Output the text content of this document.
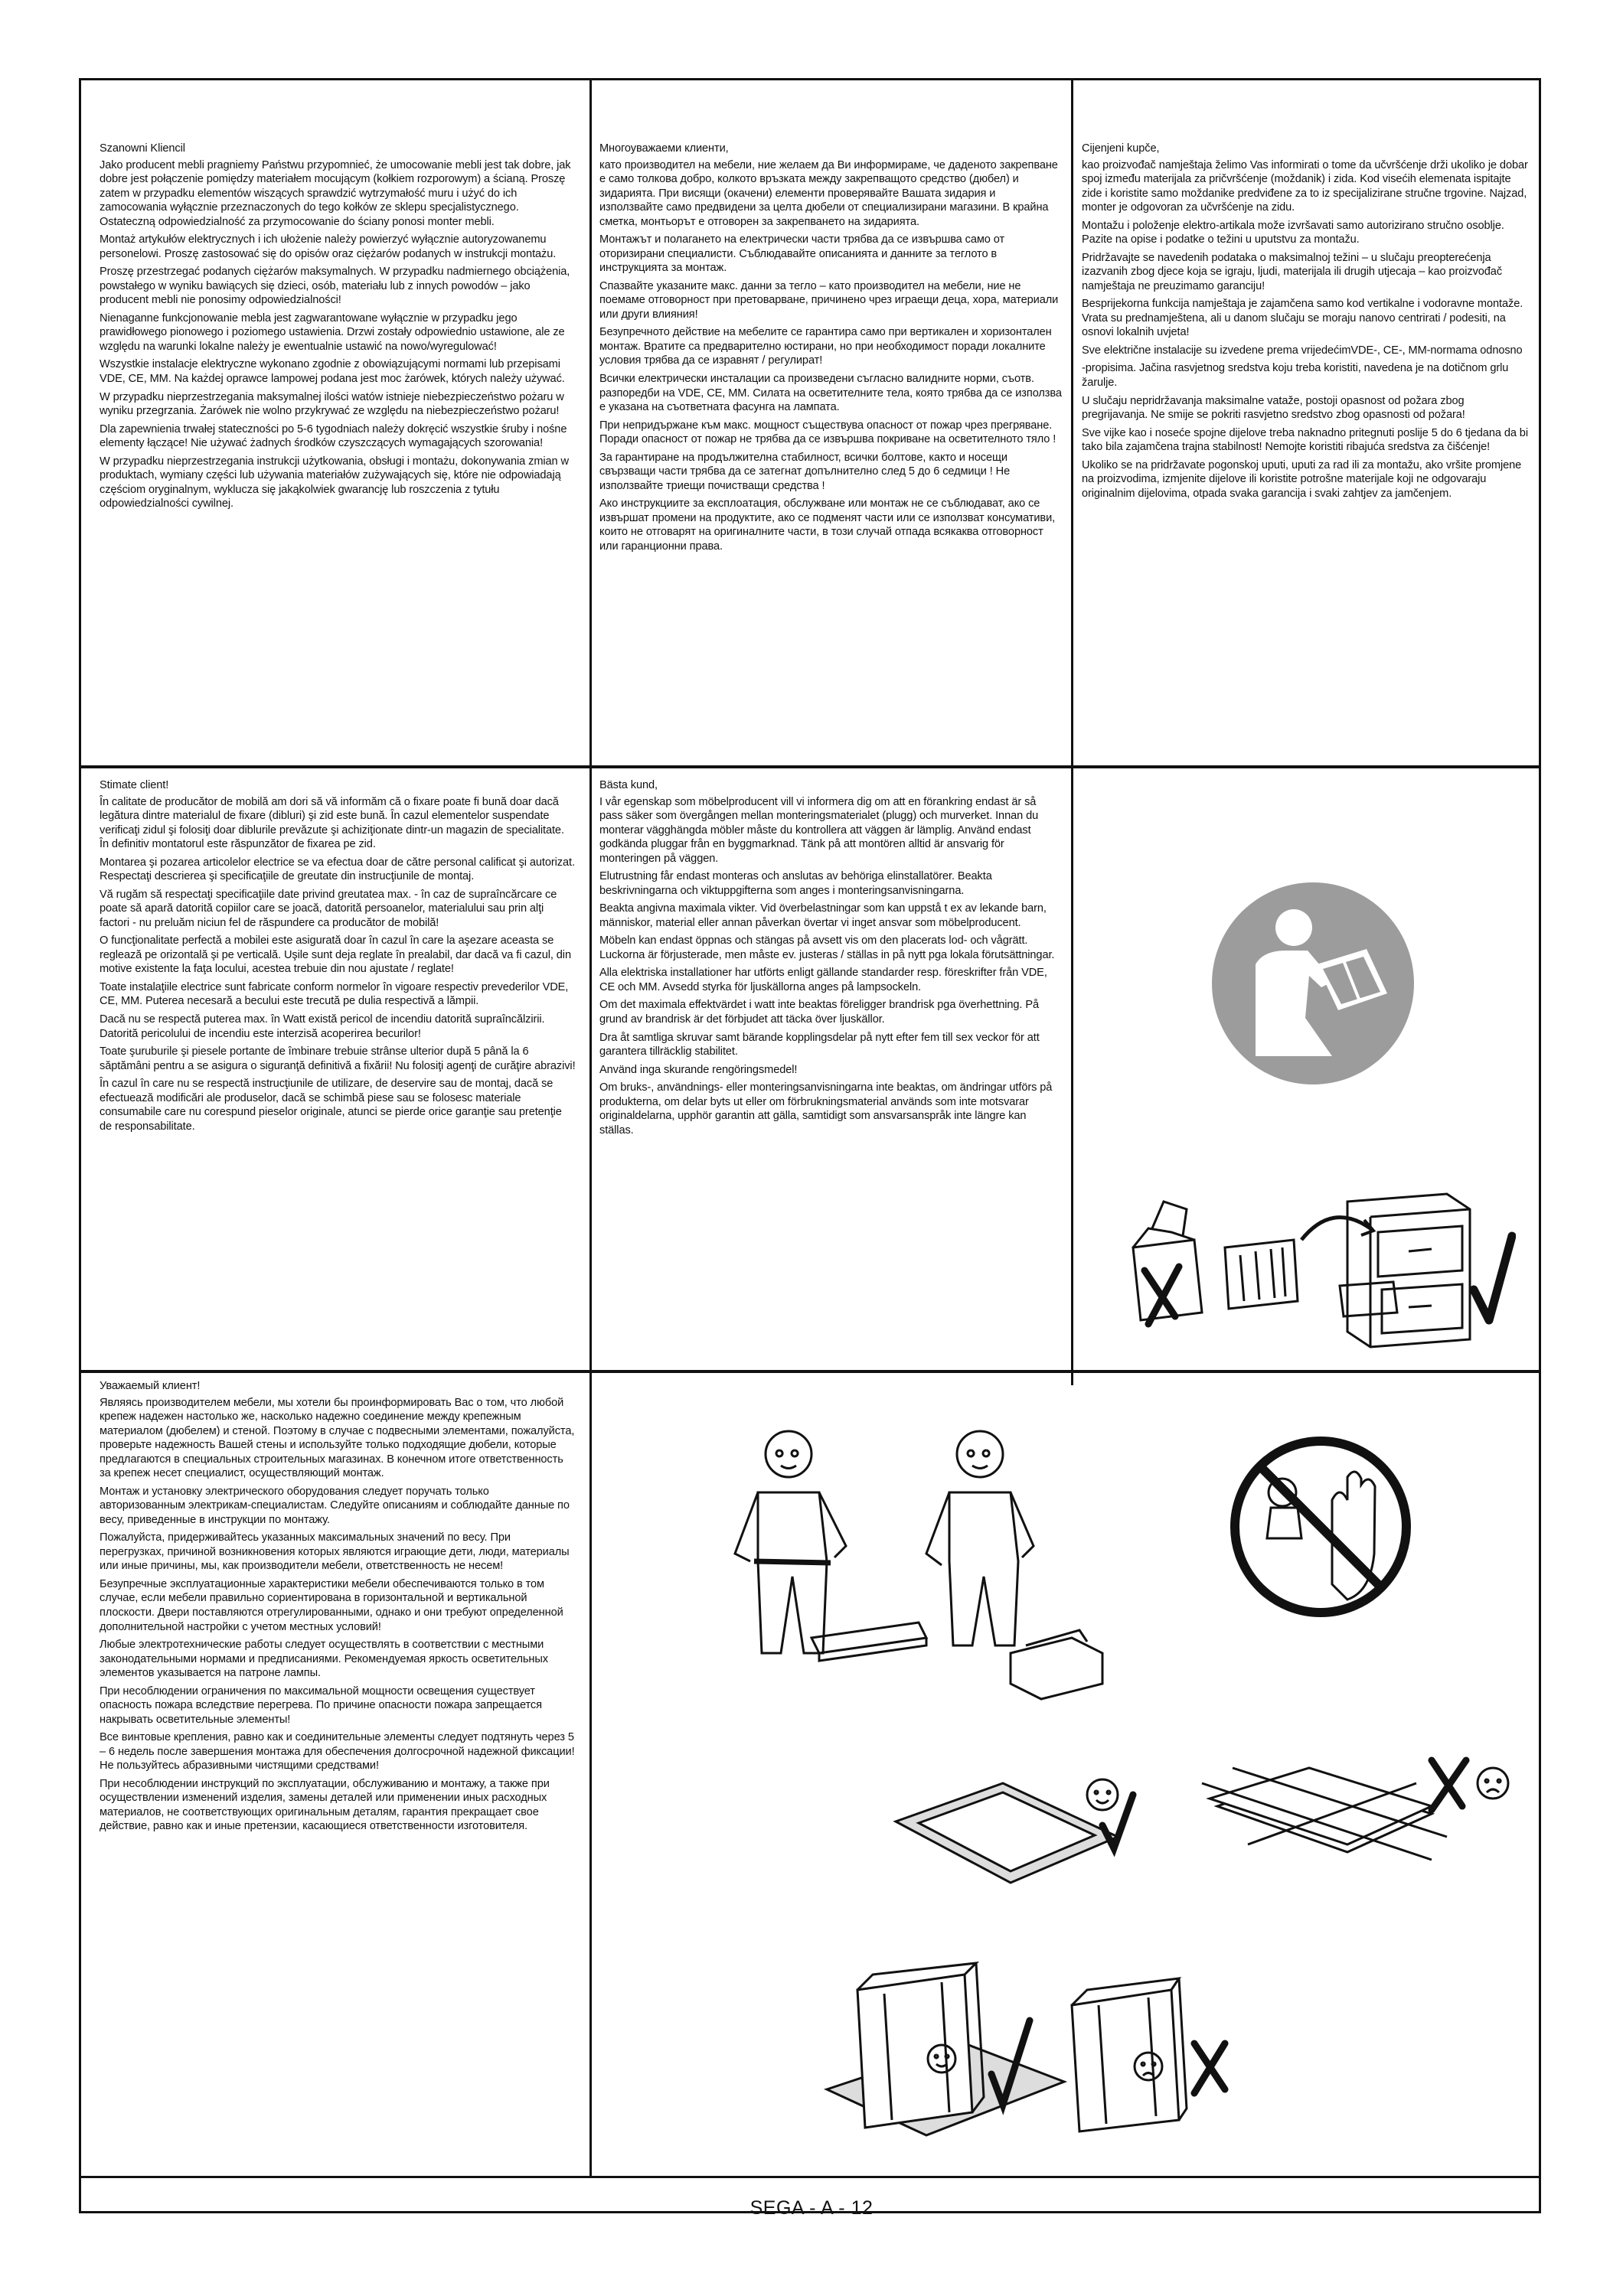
Szanowni Kliencil

Jako producent mebli pragniemy Państwu przypomnieć, że umocowanie mebli jest tak dobre, jak dobre jest połączenie pomiędzy materiałem mocującym (kołkiem rozporowym) a ścianą. Proszę zatem w przypadku elementów wiszących sprawdzić wytrzymałość muru i użyć do ich zamocowania wyłącznie przeznaczonych do tego kołków ze sklepu specjalistycznego. Ostateczną odpowiedzialność za przymocowanie do ściany ponosi monter mebli.

Montaż artykułów elektrycznych i ich ułożenie należy powierzyć wyłącznie autoryzowanemu personelowi. Proszę zastosować się do opisów oraz ciężarów podanych w instrukcji montażu.

Proszę przestrzegać podanych ciężarów maksymalnych. W przypadku nadmiernego obciążenia, powstałego w wyniku bawiących się dzieci, osób, materiału lub z innych powodów – jako producent mebli nie ponosimy odpowiedzialności!

Nienaganne funkcjonowanie mebla jest zagwarantowane wyłącznie w przypadku jego prawidłowego pionowego i poziomego ustawienia. Drzwi zostały odpowiednio ustawione, ale ze względu na warunki lokalne należy je ewentualnie ustawić na nowo/wyregulować!

Wszystkie instalacje elektryczne wykonano zgodnie z obowiązującymi normami lub przepisami VDE, CE, MM. Na każdej oprawce lampowej podana jest moc żarówek, których należy używać.

W przypadku nieprzestrzegania maksymalnej ilości watów istnieje niebezpieczeństwo pożaru w wyniku przegrzania. Żarówek nie wolno przykrywać ze względu na niebezpieczeństwo pożaru!

Dla zapewnienia trwałej stateczności po 5-6 tygodniach należy dokręcić wszystkie śruby i nośne elementy łączące! Nie używać żadnych środków czyszczących wymagających szorowania!

W przypadku nieprzestrzegania instrukcji użytkowania, obsługi i montażu, dokonywania zmian w produktach, wymiany części lub używania materiałów zużywających się, które nie odpowiadają częściom oryginalnym, wyklucza się jakąkolwiek gwarancję lub roszczenia z tytułu odpowiedzialności cywilnej.

Многоуважаеми клиенти,

като производител на мебели, ние желаем да Ви информираме, че даденото закрепване е само толкова добро, колкото връзката между закрепващото средство (дюбел) и зидарията. При висящи (окачени) елементи проверявайте Вашата зидария и използвайте само предвидени за целта дюбели от специализирани магазини. В крайна сметка, монтьорът е отговорен за закрепването на зидарията.

Монтажът и полагането на електрически части трябва да се извършва само от оторизирани специалисти. Съблюдавайте описанията и данните за теглото в инструкцията за монтаж.

Спазвайте указаните макс. данни за тегло – като производител на мебели, ние не поемаме отговорност при претоварване, причинено чрез играещи деца, хора, материали или други влияния!

Безупречното действие на мебелите се гарантира само при вертикален и хоризонтален монтаж. Вратите са предварително юстирани, но при необходимост поради локалните условия трябва да се изравнят / регулират!

Всички електрически инсталации са произведени съгласно валидните норми, съотв. разпоредби на VDE, CE, MM. Силата на осветителните тела, която трябва да се използва е указана на съответната фасунга на лампата.

При непридържане към макс. мощност съществува опасност от пожар чрез прегряване. Поради опасност от пожар не трябва да се извършва покриване на осветителното тяло !

За гарантиране на продължителна стабилност, всички болтове, както и носещи свързващи части трябва да се затегнат допълнително след 5 до 6 седмици ! Не използвайте триещи почистващи средства !

Ако инструкциите за експлоатация, обслужване или монтаж не се съблюдават, ако се извършат промени на продуктите, ако се подменят части или се използват консумативи, които не отговарят на оригиналните части, в този случай отпада всякаква отговорност или гаранционни права.

Cijenjeni kupče,

kao proizvođač namještaja želimo Vas informirati o tome da učvršćenje drži ukoliko je dobar spoj između materijala za pričvršćenje (moždanik) i zida. Kod visećih elemenata ispitajte zide i koristite samo moždanike predviđene za to iz specijalizirane stručne trgovine. Najzad, monter je odgovoran za učvršćenje na zidu.

Montažu i položenje elektro-artikala može izvršavati samo autorizirano stručno osoblje. Pazite na opise i podatke o težini u uputstvu za montažu.

Pridržavajte se navedenih podataka o maksimalnoj težini – u slučaju preopterećenja izazvanih zbog djece koja se igraju, ljudi, materijala ili drugih utjecaja – kao proizvođač namještaja ne preuzimamo garanciju!

Besprijekorna funkcija namještaja je zajamčena samo kod vertikalne i vodoravne montaže. Vrata su prednamještena, ali u danom slučaju se moraju nanovo centrirati / podesiti, na osnovi lokalnih uvjeta!

Sve električne instalacije su izvedene prema vrijedećimVDE-, CE-, MM-normama odnosno

-propisima. Jačina rasvjetnog sredstva koju treba koristiti, navedena je na dotičnom grlu žarulje.

U slučaju nepridržavanja maksimalne vataže, postoji opasnost od požara zbog pregrijavanja. Ne smije se pokriti rasvjetno sredstvo zbog opasnosti od požara!

Sve vijke kao i noseće spojne dijelove treba naknadno pritegnuti poslije 5 do 6 tjedana da bi tako bila zajamčena trajna stabilnost! Nemojte koristiti ribajuća sredstva za čišćenje!

Ukoliko se na pridržavate pogonskoj uputi, uputi za rad ili za montažu, ako vršite promjene na proizvodima, izmjenite dijelove ili koristite potrošne materijale koji ne odgovaraju originalnim dijelovima, otpada svaka garancija i svaki zahtjev za jamčenjem.

Stimate client!

În calitate de producător de mobilă am dori să vă informăm că o fixare poate fi bună doar dacă legătura dintre materialul de fixare (dibluri) şi zid este bună. În cazul elementelor suspendate verificaţi zidul şi folosiţi doar diblurile prevăzute şi achiziţionate dintr-un magazin de specialitate. În definitiv montatorul este răspunzător de fixarea pe zid.

Montarea şi pozarea articolelor electrice se va efectua doar de către personal calificat şi autorizat. Respectaţi descrierea şi specificaţiile de greutate din instrucţiunile de montaj.

Vă rugăm să respectaţi specificaţiile date privind greutatea max. - în caz de supraîncărcare ce poate să apară datorită copiilor care se joacă, datorită persoanelor, materialului sau prin alţi factori - nu preluăm niciun fel de răspundere ca producător de mobilă!

O funcţionalitate perfectă a mobilei este asigurată doar în cazul în care la aşezare aceasta se reglează pe orizontală şi pe verticală. Uşile sunt deja reglate în prealabil, dar dacă va fi cazul, din motive existente la faţa locului, acestea trebuie din nou ajustate / reglate!

Toate instalaţiile electrice sunt fabricate conform normelor în vigoare respectiv prevederilor VDE, CE, MM. Puterea necesară a becului este trecută pe dulia respectivă a lămpii.

Dacă nu se respectă puterea max. în Watt există pericol de incendiu datorită supraîncălzirii. Datorită pericolului de incendiu este interzisă acoperirea becurilor!

Toate şuruburile şi piesele portante de îmbinare trebuie strânse ulterior după 5 până la 6 săptămâni pentru a se asigura o siguranţă definitivă a fixării! Nu folosiţi agenţi de curăţire abrazivi!

În cazul în care nu se respectă instrucţiunile de utilizare, de deservire sau de montaj, dacă se efectuează modificări ale produselor, dacă se schimbă piese sau se folosesc materiale consumabile care nu corespund pieselor originale, atunci se pierde orice garanţie sau pretenţie de responsabilitate.

Bästa kund,

I vår egenskap som möbelproducent vill vi informera dig om att en förankring endast är så pass säker som övergången mellan monteringsmaterialet (plugg) och murverket. Innan du monterar vägghängda möbler måste du kontrollera att väggen är lämplig. Använd endast godkända pluggar från en byggmarknad. Tänk på att montören alltid är ansvarig för monteringen på väggen.

Elutrustning får endast monteras och anslutas av behöriga elinstallatörer. Beakta beskrivningarna och viktuppgifterna som anges i monteringsanvisningarna.

Beakta angivna maximala vikter. Vid överbelastningar som kan uppstå t ex av lekande barn, människor, material eller annan påverkan övertar vi inget ansvar som möbelproducent.

Möbeln kan endast öppnas och stängas på avsett vis om den placerats lod- och vågrätt. Luckorna är förjusterade, men måste ev. justeras / ställas in på nytt pga lokala förutsättningar.

Alla elektriska installationer har utförts enligt gällande standarder resp. föreskrifter från VDE, CE och MM. Avsedd styrka för ljuskällorna anges på lampsockeln.

Om det maximala effektvärdet i watt inte beaktas föreligger brandrisk pga överhettning. På grund av brandrisk är det förbjudet att täcka över ljuskällor.

Dra åt samtliga skruvar samt bärande kopplingsdelar på nytt efter fem till sex veckor för att garantera tillräcklig stabilitet.

Använd inga skurande rengöringsmedel!

Om bruks-, användnings- eller monteringsanvisningarna inte beaktas, om ändringar utförs på produkterna, om delar byts ut eller om förbrukningsmaterial används som inte motsvarar originaldelarna, upphör garantin att gälla, samtidigt som ansvarsanspråk inte längre kan ställas.

Уважаемый клиент!

Являясь производителем мебели, мы хотели бы проинформировать Вас о том, что любой крепеж надежен настолько же, насколько надежно соединение между крепежным материалом (дюбелем) и стеной. Поэтому в случае с подвесными элементами, пожалуйста, проверьте надежность Вашей стены и используйте только подходящие дюбели, которые предлагаются в специальных строительных магазинах. В конечном итоге ответственность за крепеж несет специалист, осуществляющий монтаж.

Монтаж и установку электрического оборудования следует поручать только авторизованным электрикам-специалистам. Следуйте описаниям и соблюдайте данные по весу, приведенные в инструкции по монтажу.

Пожалуйста, придерживайтесь указанных максимальных значений по весу. При перегрузках, причиной возникновения которых являются играющие дети, люди, материалы или иные причины, мы, как производители мебели, ответственность не несем!

Безупречные эксплуатационные характеристики мебели обеспечиваются только в том случае, если мебели правильно сориентирована в горизонтальной и вертикальной плоскости. Двери поставляются отрегулированными, однако и они требуют определенной дополнительной настройки с учетом местных условий!

Любые электротехнические работы следует осуществлять в соответствии с местными законодательными нормами и предписаниями. Рекомендуемая яркость осветительных элементов указывается на патроне лампы.

При несоблюдении ограничения по максимальной мощности освещения существует опасность пожара вследствие перегрева. По причине опасности пожара запрещается накрывать осветительные элементы!

Все винтовые крепления, равно как и соединительные элементы следует подтянуть через 5 – 6 недель после завершения монтажа для обеспечения долгосрочной надежной фиксации!
Не пользуйтесь абразивными чистящими средствами!

При несоблюдении инструкций по эксплуатации, обслуживанию и монтажу, а также при осуществлении изменений изделия, замены деталей или применении иных расходных материалов, не соответствующих оригинальным деталям, гарантия прекращает свое действие, равно как и иные претензии, касающиеся ответственности изготовителя.

SEGA - A - 12
